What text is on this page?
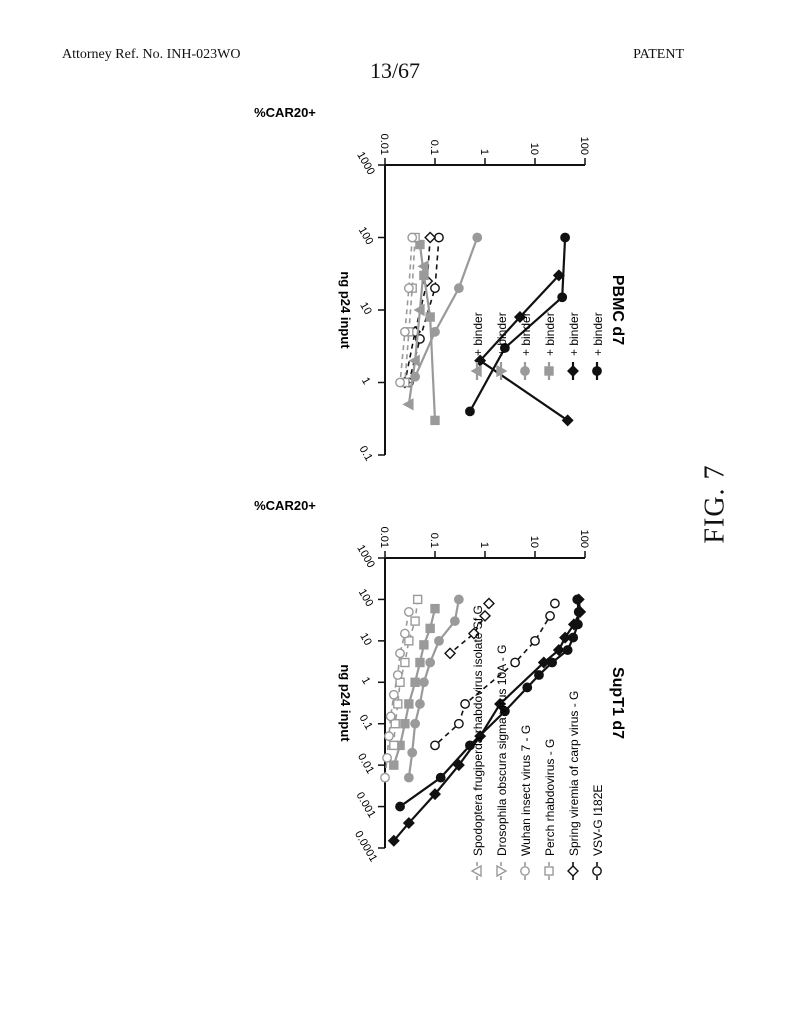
Attorney Ref. No. INH-023WO
13/67
PATENT
1000
100
10
1
0.1
0.01
0.001
0.0001
100
10
1
0.1
0.01
ng p24 input
%CAR20+
SupT1 d7
1000
100
10
1
0.1
100
10
1
0.1
0.01
ng p24 input
%CAR20+
PBMC d7
Spodoptera frugiperda rhabdovirus isolate Sf G
+ binder
Drosophila obscura sigma virus 10A - G
+ binder
Wuhan insect virus 7 - G
+ binder
Perch rhabdovirus - G
+ binder
Spring viremia of carp virus - G
+ binder
VSV-G I182E
+ binder
FIG. 7
